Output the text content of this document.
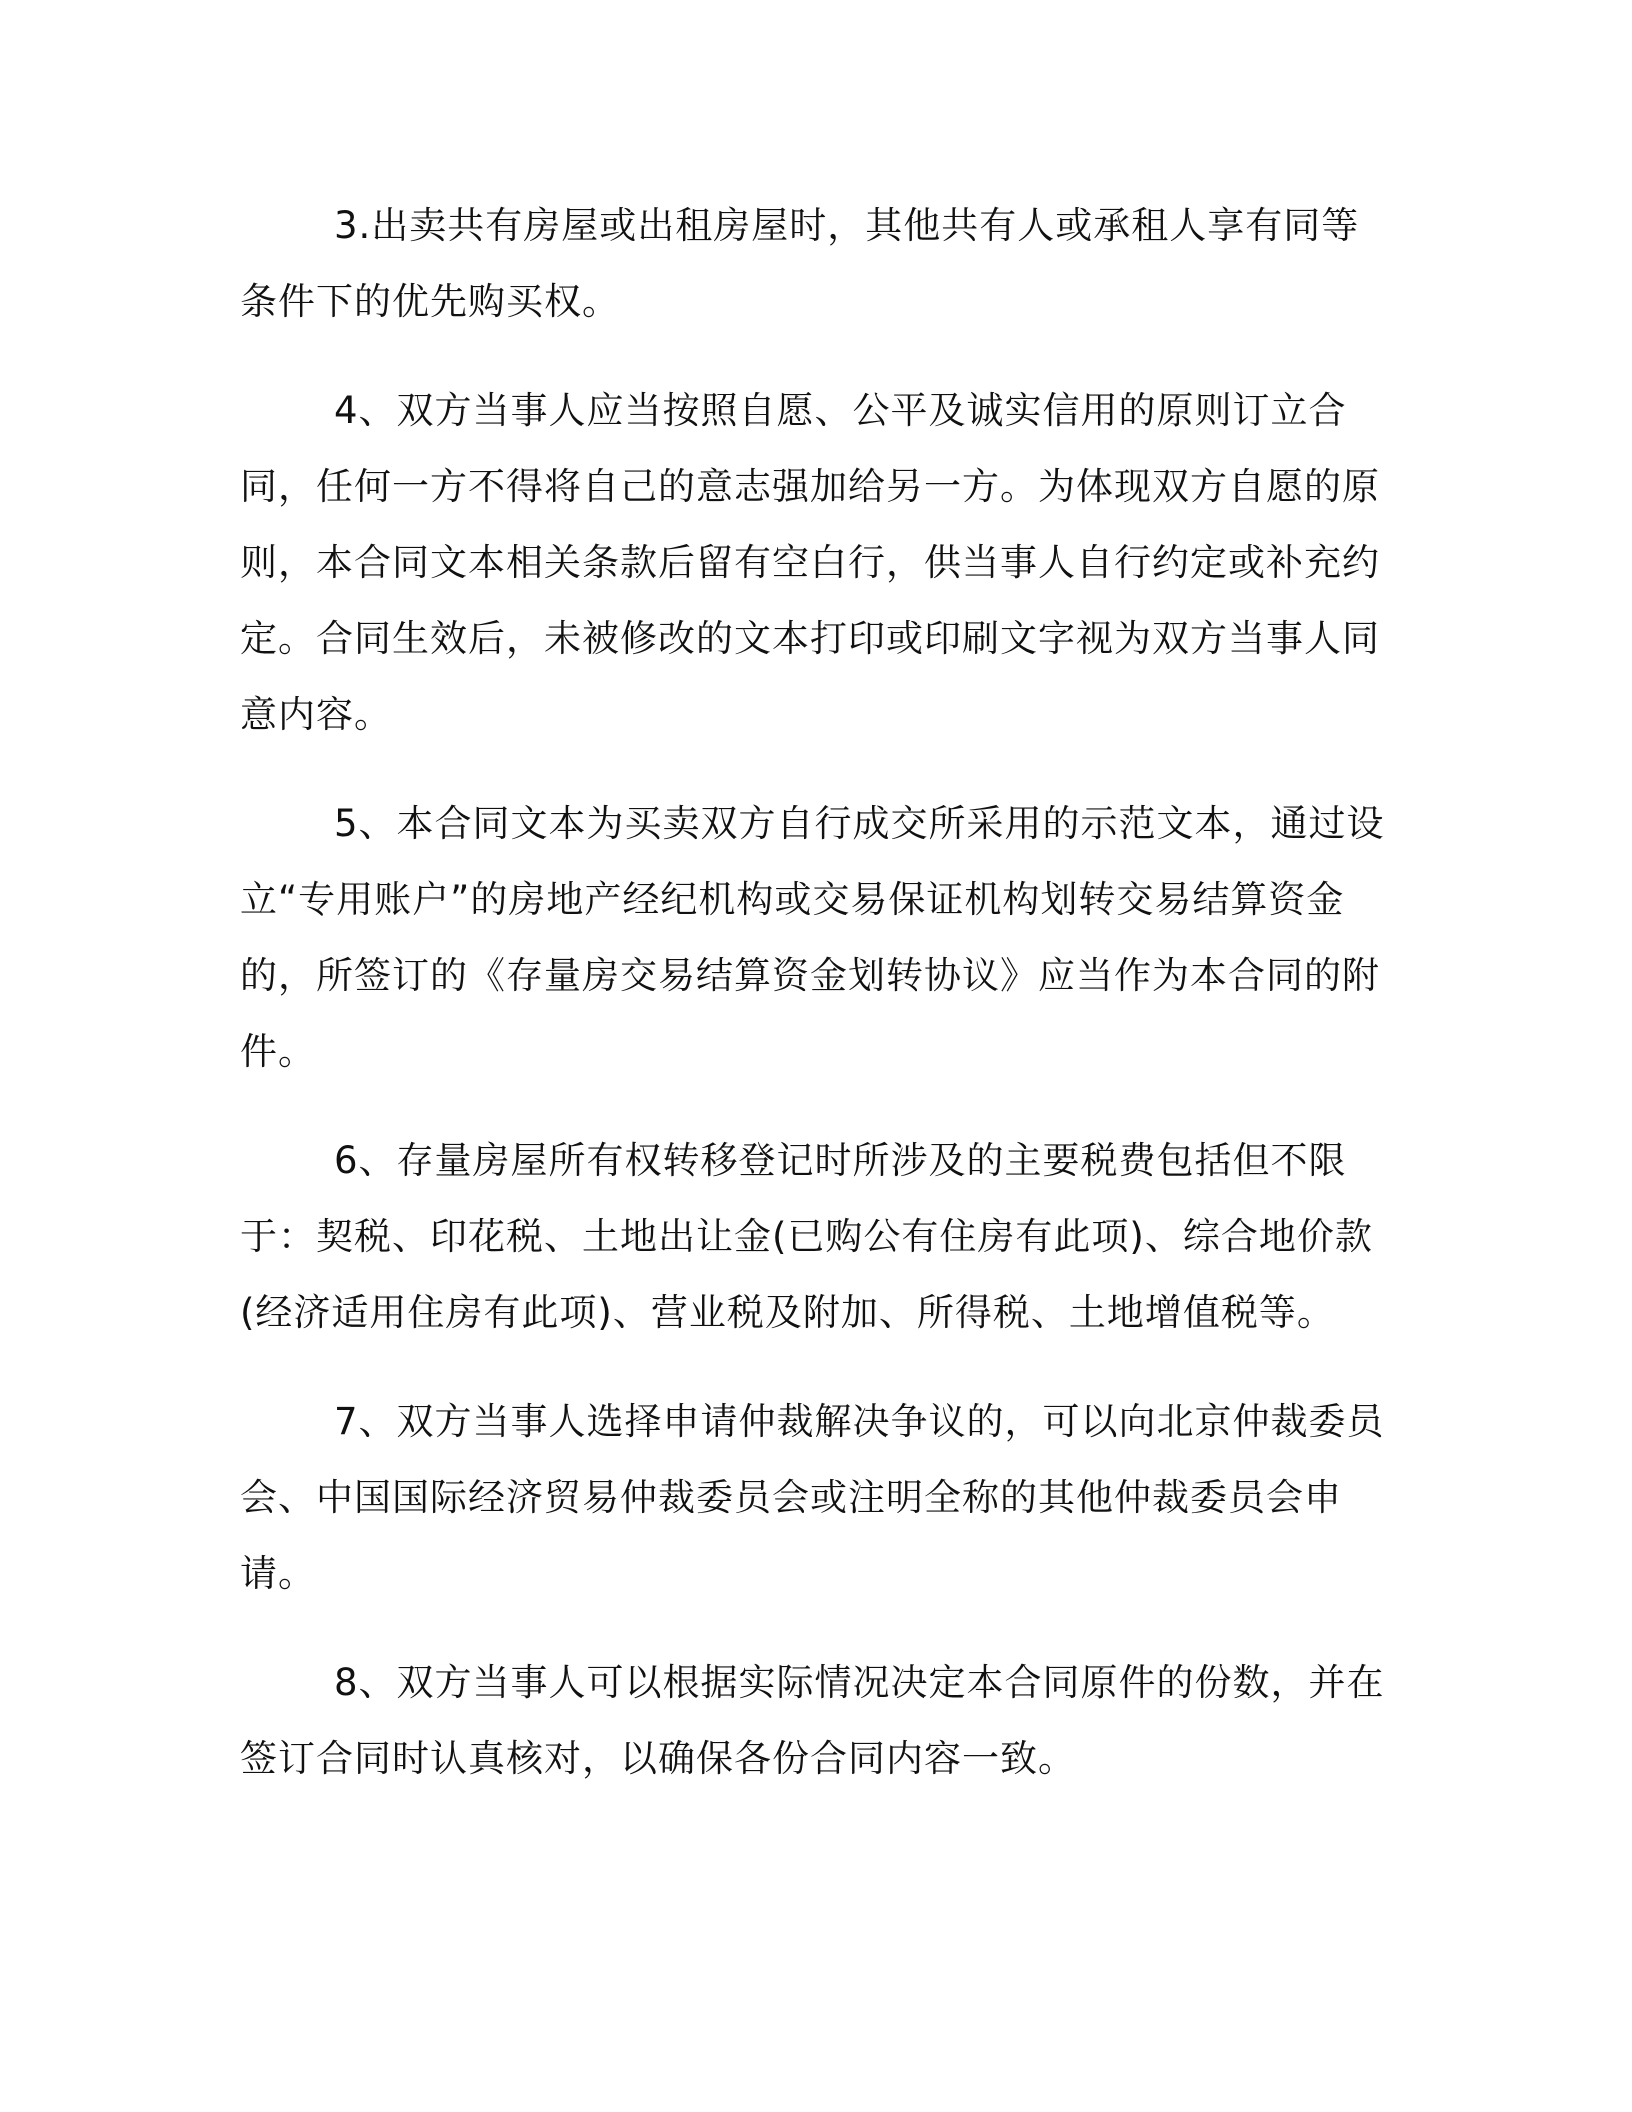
3.出卖共有房屋或出租房屋时，其他共有人或承租人享有同等条件下的优先购买权。

4、双方当事人应当按照自愿、公平及诚实信用的原则订立合同，任何一方不得将自己的意志强加给另一方。为体现双方自愿的原则，本合同文本相关条款后留有空白行，供当事人自行约定或补充约定。合同生效后，未被修改的文本打印或印刷文字视为双方当事人同意内容。

5、本合同文本为买卖双方自行成交所采用的示范文本，通过设立“专用账户”的房地产经纪机构或交易保证机构划转交易结算资金的，所签订的《存量房交易结算资金划转协议》应当作为本合同的附件。

6、存量房屋所有权转移登记时所涉及的主要税费包括但不限于：契税、印花税、土地出让金(已购公有住房有此项)、综合地价款(经济适用住房有此项)、营业税及附加、所得税、土地增值税等。

7、双方当事人选择申请仲裁解决争议的，可以向北京仲裁委员会、中国国际经济贸易仲裁委员会或注明全称的其他仲裁委员会申请。

8、双方当事人可以根据实际情况决定本合同原件的份数，并在签订合同时认真核对，以确保各份合同内容一致。
